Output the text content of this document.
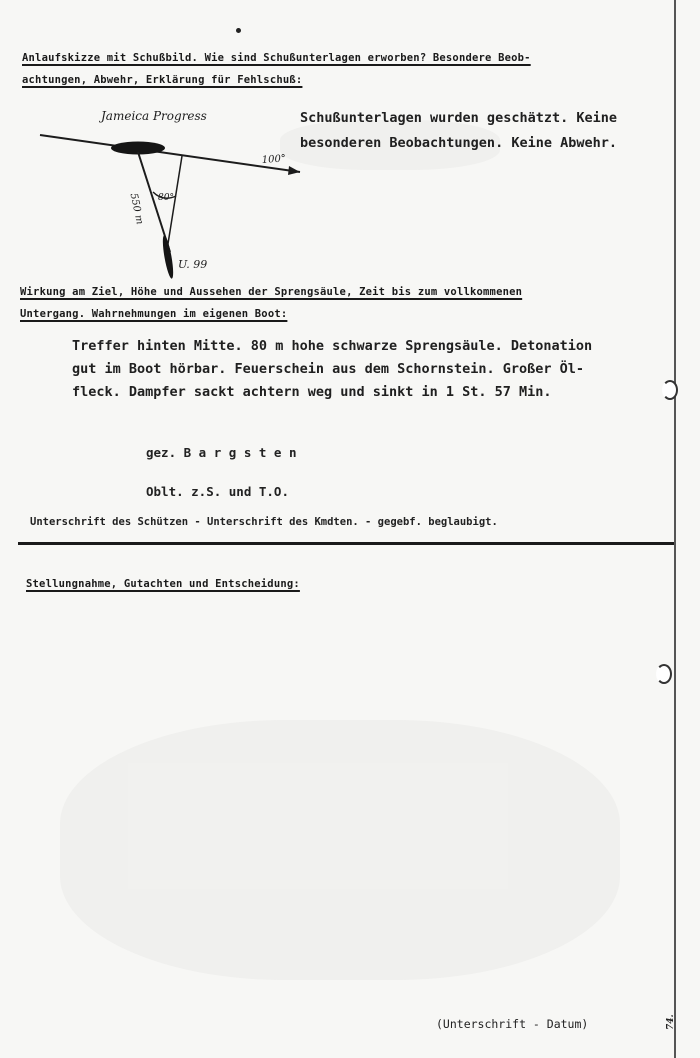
Anlaufskizze mit Schußbild. Wie sind Schußunterlagen erworben? Besondere Beob-
achtungen, Abwehr, Erklärung für Fehlschuß:
Jameica Progress
100°
550 m 80°
U. 99
Schußunterlagen wurden geschätzt. Keine
besonderen Beobachtungen. Keine Abwehr.
Wirkung am Ziel, Höhe und Aussehen der Sprengsäule, Zeit bis zum vollkommenen
Untergang. Wahrnehmungen im eigenen Boot:
Treffer hinten Mitte. 80 m hohe schwarze Sprengsäule. Detonation
gut im Boot hörbar. Feuerschein aus dem Schornstein. Großer Öl-
fleck. Dampfer sackt achtern weg und sinkt in 1 St. 57 Min.
gez. B a r g s t e n
Oblt. z.S. und T.O.
Unterschrift des Schützen - Unterschrift des Kmdten. - gegebf. beglaubigt.
Stellungnahme, Gutachten und Entscheidung:
(Unterschrift - Datum)	74.
